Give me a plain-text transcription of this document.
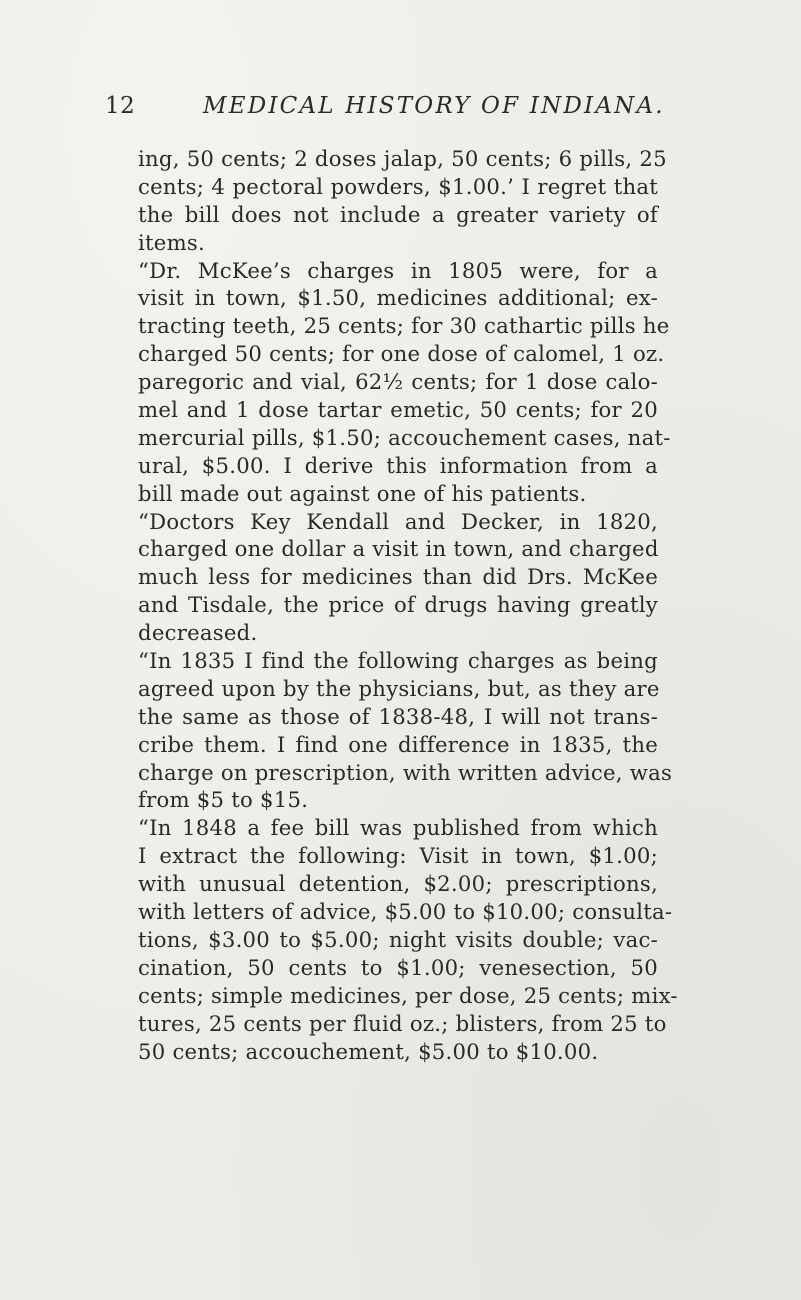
12	MEDICAL HISTORY OF INDIANA.
ing, 50 cents; 2 doses jalap, 50 cents; 6 pills, 25
cents; 4 pectoral powders, $1.00.’ I regret that
the bill does not include a greater variety of
items.
“Dr. McKee’s charges in 1805 were, for a
visit in town, $1.50, medicines additional; ex-
tracting teeth, 25 cents; for 30 cathartic pills he
charged 50 cents; for one dose of calomel, 1 oz.
paregoric and vial, 62½ cents; for 1 dose calo-
mel and 1 dose tartar emetic, 50 cents; for 20
mercurial pills, $1.50; accouchement cases, nat-
ural, $5.00. I derive this information from a
bill made out against one of his patients.
“Doctors Key Kendall and Decker, in 1820,
charged one dollar a visit in town, and charged
much less for medicines than did Drs. McKee
and Tisdale, the price of drugs having greatly
decreased.
“In 1835 I find the following charges as being
agreed upon by the physicians, but, as they are
the same as those of 1838-48, I will not trans-
cribe them. I find one difference in 1835, the
charge on prescription, with written advice, was
from $5 to $15.
“In 1848 a fee bill was published from which
I extract the following: Visit in town, $1.00;
with unusual detention, $2.00; prescriptions,
with letters of advice, $5.00 to $10.00; consulta-
tions, $3.00 to $5.00; night visits double; vac-
cination, 50 cents to $1.00; venesection, 50
cents; simple medicines, per dose, 25 cents; mix-
tures, 25 cents per fluid oz.; blisters, from 25 to
50 cents; accouchement, $5.00 to $10.00.
